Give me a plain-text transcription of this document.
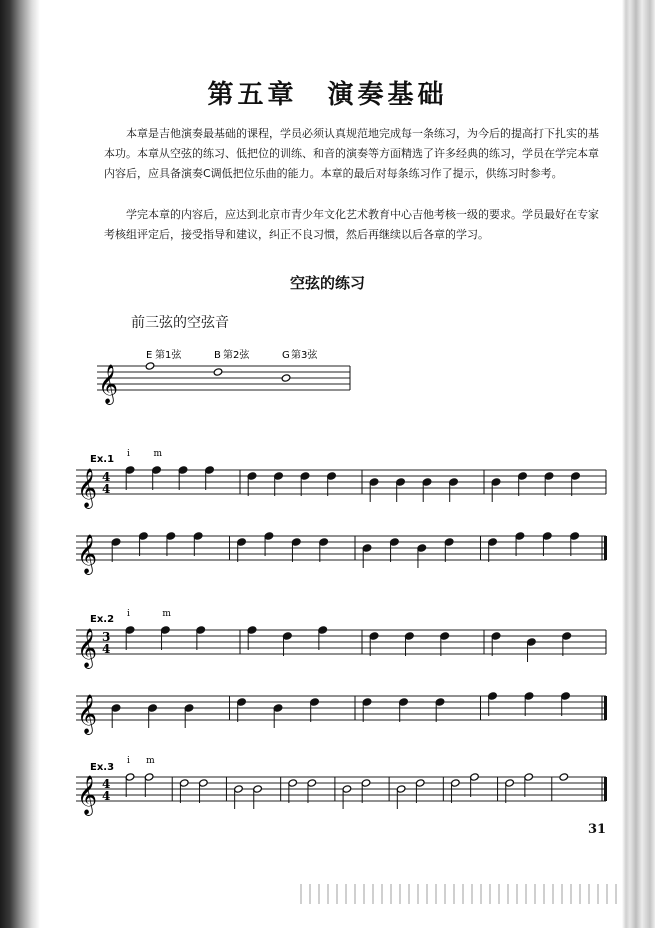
第五章　演奏基础
本章是吉他演奏最基础的课程，学员必须认真规范地完成每一条练习，为今后的提高打下扎实的基本功。本章从空弦的练习、低把位的训练、和音的演奏等方面精选了许多经典的练习，学员在学完本章内容后，应具备演奏C调低把位乐曲的能力。本章的最后对每条练习作了提示，供练习时参考。
学完本章的内容后，应达到北京市青少年文化艺术教育中心吉他考核一级的要求。学员最好在专家考核组评定后，接受指导和建议，纠正不良习惯，然后再继续以后各章的学习。
空弦的练习
前三弦的空弦音
𝄞
E 第1弦	B 第2弦	G 第3弦
𝄞
Ex.1
4
4
i	m
𝄞
𝄞
Ex.2
3
4
i	m
𝄞
𝄞
Ex.3
4
4
i m
31
